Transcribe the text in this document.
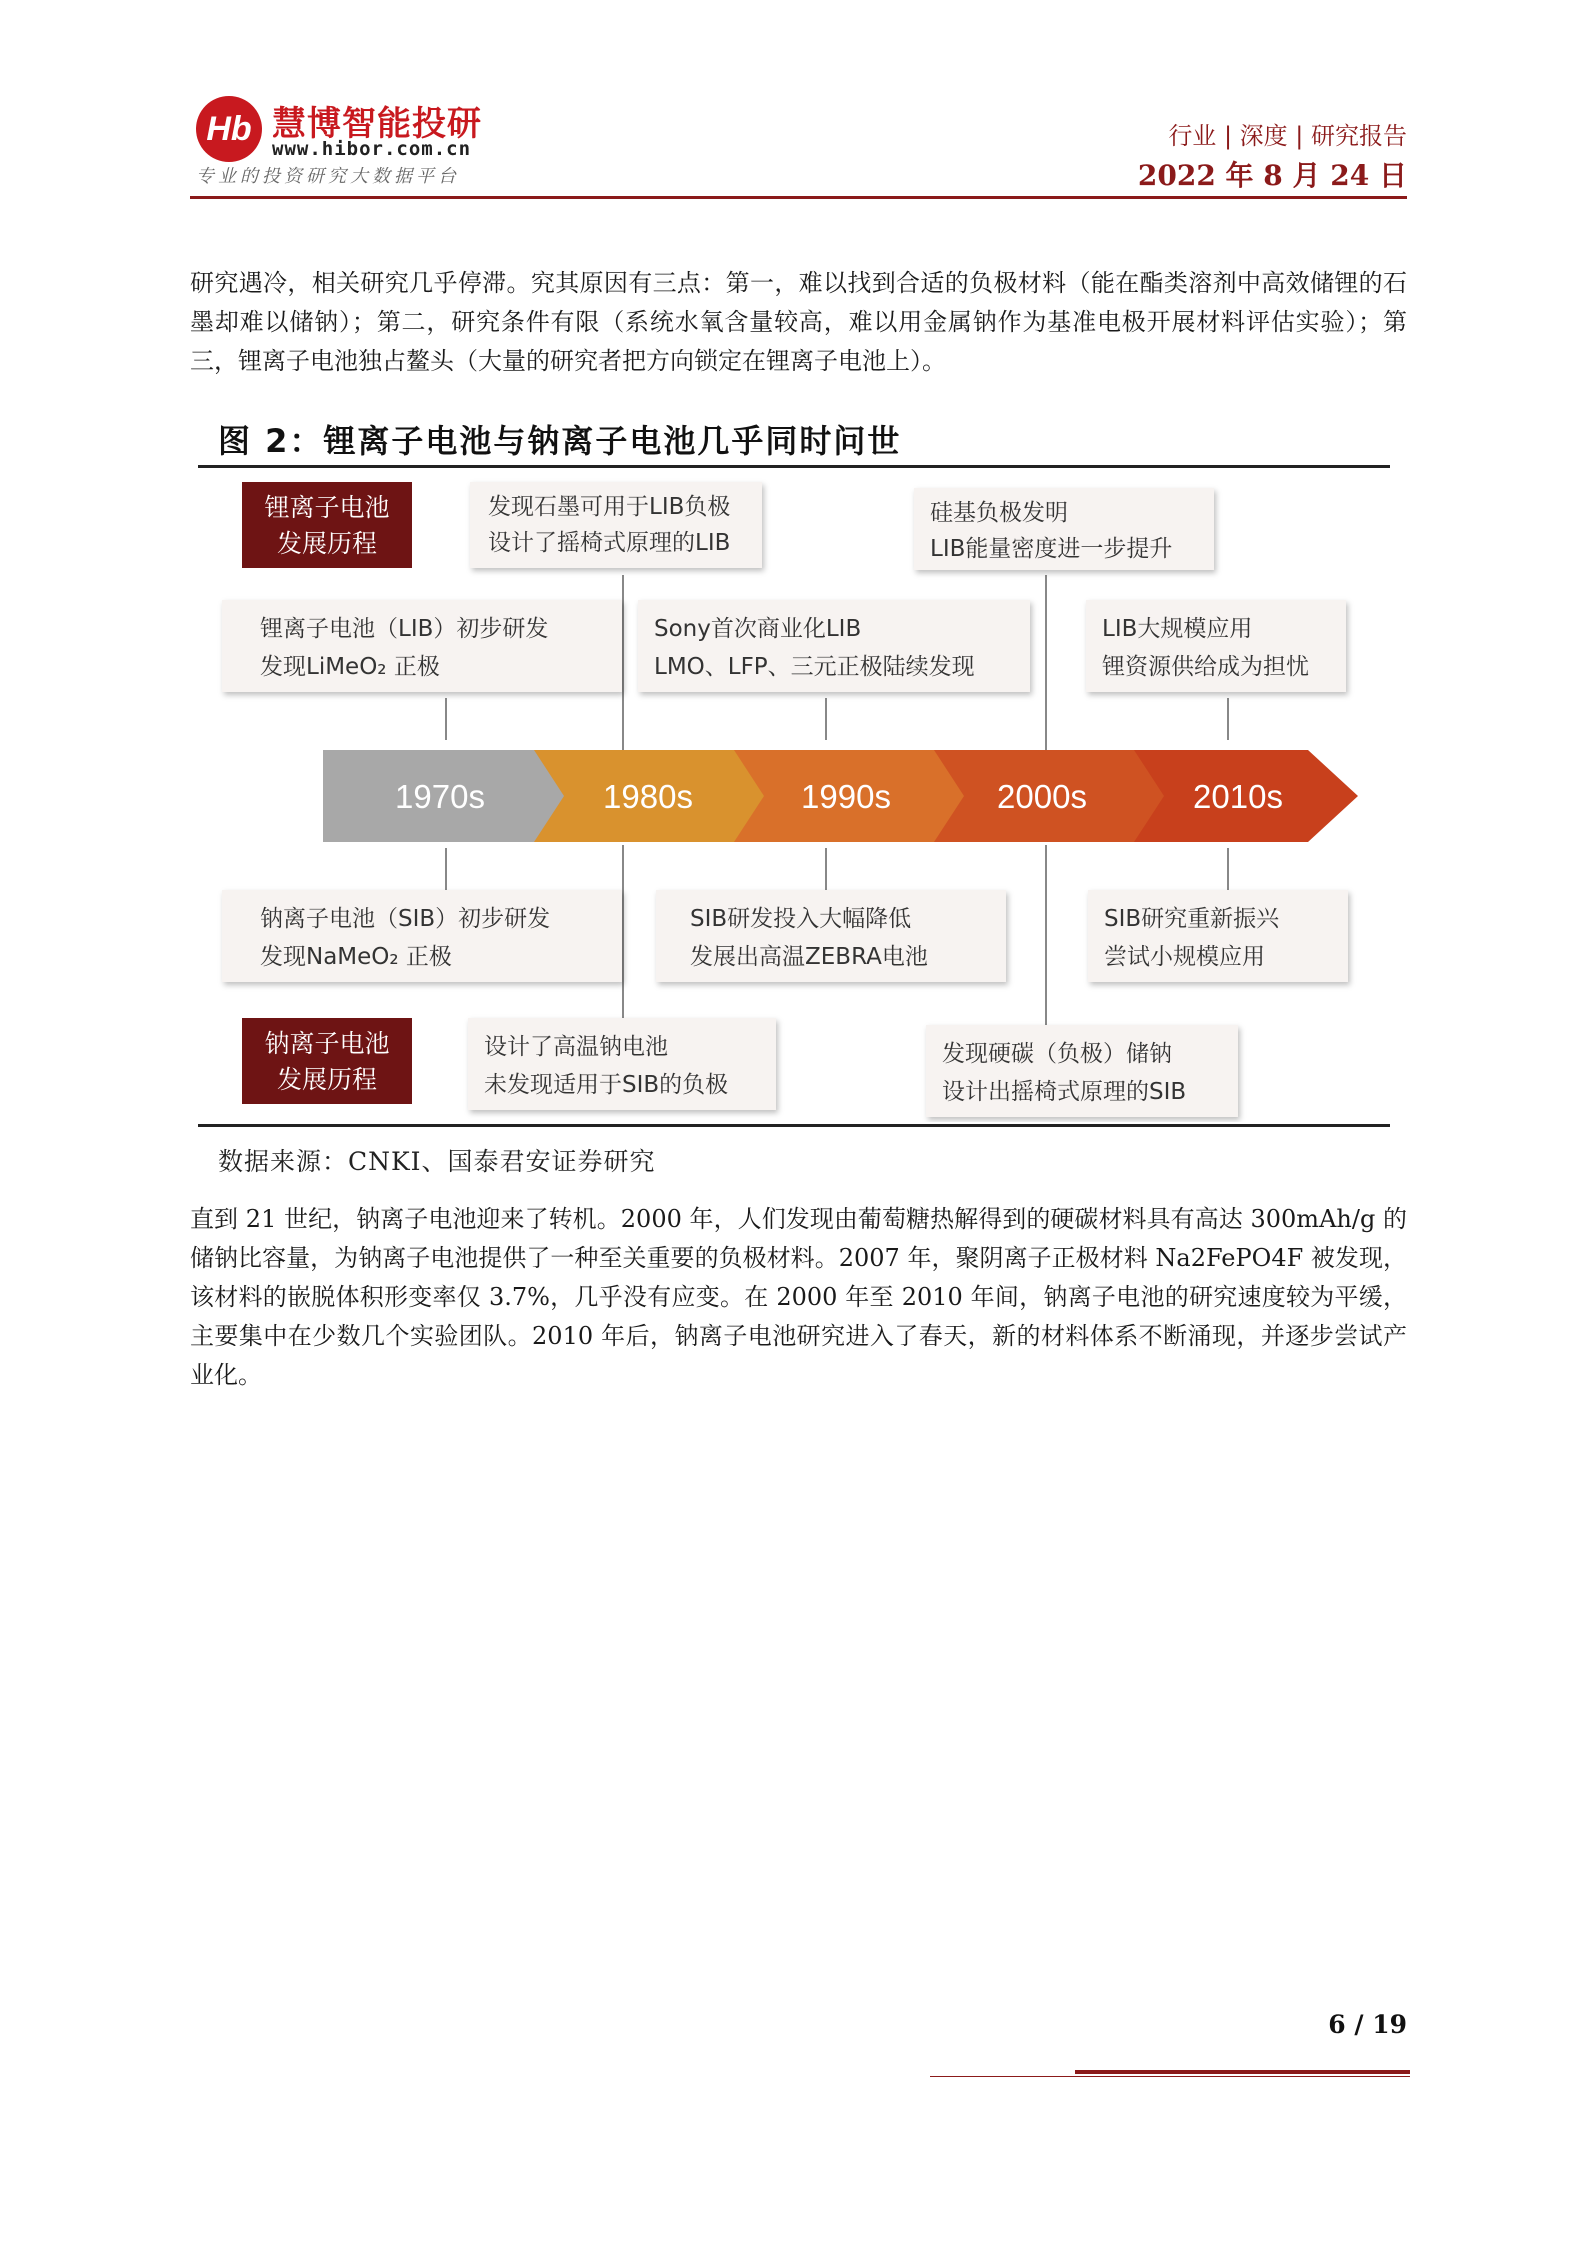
Hb 慧博智能投研
www.hibor.com.cn
专业的投资研究大数据平台
行业 | 深度 | 研究报告
2022 年 8 月 24 日
研究遇冷，相关研究几乎停滞。究其原因有三点：第一，难以找到合适的负极材料（能在酯类溶剂中高效储锂的石墨却难以储钠）；第二，研究条件有限（系统水氧含量较高，难以用金属钠作为基准电极开展材料评估实验）；第三，锂离子电池独占鳌头（大量的研究者把方向锁定在锂离子电池上）。
图 2：锂离子电池与钠离子电池几乎同时问世
锂离子电池
发展历程
发现石墨可用于LIB负极
设计了摇椅式原理的LIB
硅基负极发明
LIB能量密度进一步提升
锂离子电池（LIB）初步研发
发现LiMeO₂ 正极
Sony首次商业化LIB
LMO、LFP、三元正极陆续发现
LIB大规模应用
锂资源供给成为担忧
1970s	1980s	1990s	2000s	2010s
钠离子电池（SIB）初步研发
发现NaMeO₂ 正极
SIB研发投入大幅降低
发展出高温ZEBRA电池
SIB研究重新振兴
尝试小规模应用
钠离子电池
发展历程
设计了高温钠电池
未发现适用于SIB的负极
发现硬碳（负极）储钠
设计出摇椅式原理的SIB
数据来源：CNKI、国泰君安证券研究
直到 21 世纪，钠离子电池迎来了转机。2000 年，人们发现由葡萄糖热解得到的硬碳材料具有高达 300mAh/g 的储钠比容量，为钠离子电池提供了一种至关重要的负极材料。2007 年，聚阴离子正极材料 Na2FePO4F 被发现，该材料的嵌脱体积形变率仅 3.7%，几乎没有应变。在 2000 年至 2010 年间，钠离子电池的研究速度较为平缓，主要集中在少数几个实验团队。2010 年后，钠离子电池研究进入了春天，新的材料体系不断涌现，并逐步尝试产业化。
6 / 19
